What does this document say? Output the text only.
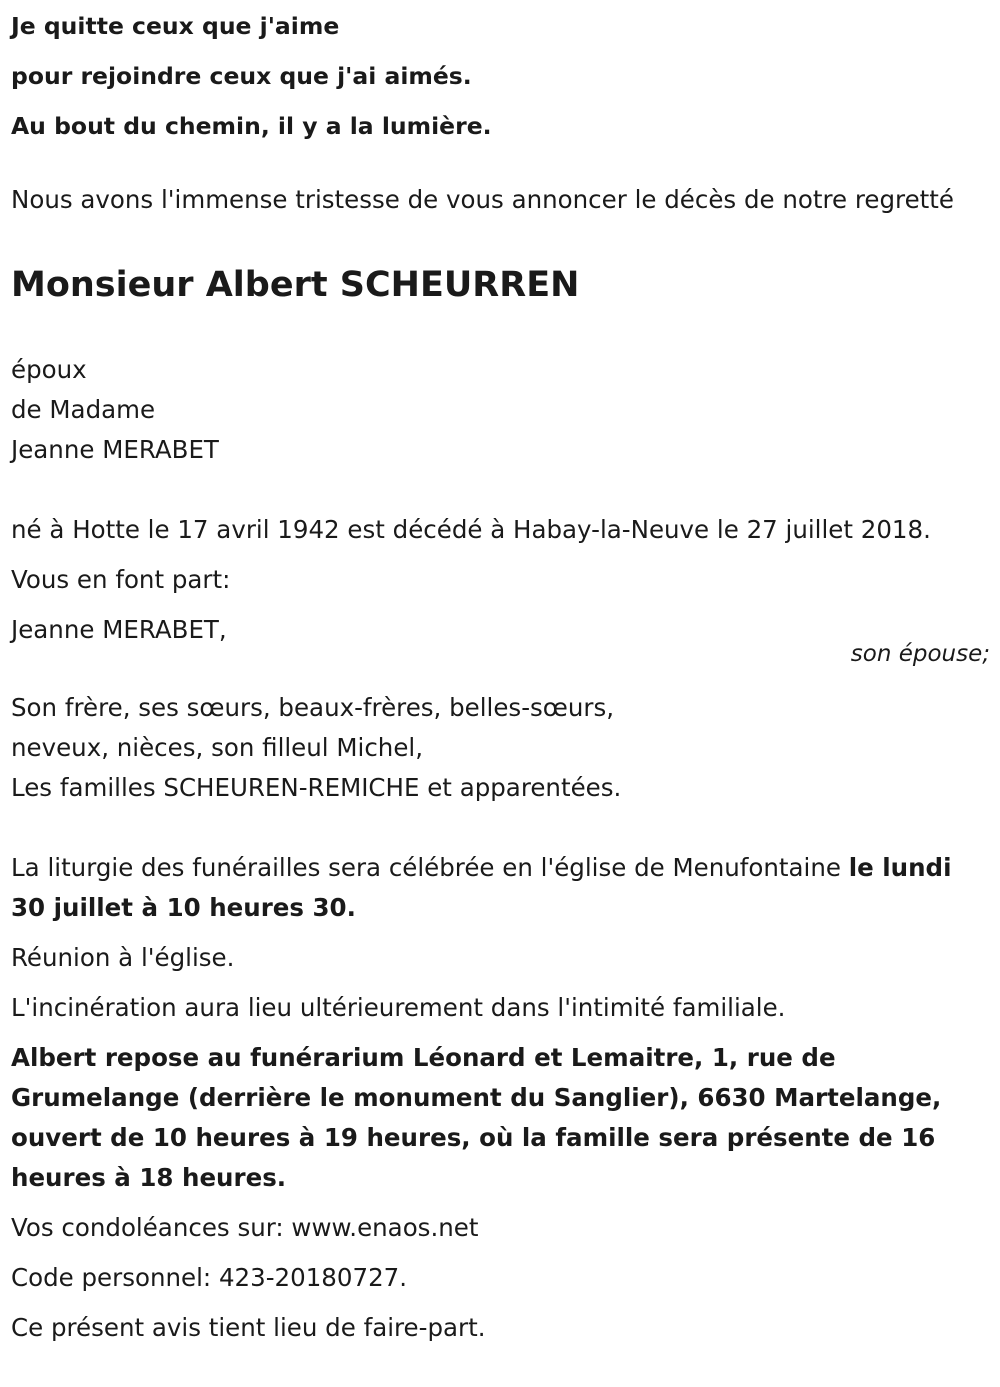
Je quitte ceux que j'aime

pour rejoindre ceux que j'ai aimés.

Au bout du chemin, il y a la lumière.

Nous avons l'immense tristesse de vous annoncer le décès de notre regretté

Monsieur Albert SCHEURREN

époux

de Madame

Jeanne MERABET

né à Hotte le 17 avril 1942 est décédé à Habay-la-Neuve le 27 juillet 2018.

Vous en font part:

Jeanne MERABET,

son épouse;

Son frère, ses sœurs, beaux-frères, belles-sœurs,

neveux, nièces, son filleul Michel,

Les familles SCHEUREN-REMICHE et apparentées.

La liturgie des funérailles sera célébrée en l'église de Menufontaine le lundi 30 juillet à 10 heures 30.

Réunion à l'église.

L'incinération aura lieu ultérieurement dans l'intimité familiale.

Albert repose au funérarium Léonard et Lemaitre, 1, rue de Grumelange (derrière le monument du Sanglier), 6630 Martelange, ouvert de 10 heures à 19 heures, où la famille sera présente de 16 heures à 18 heures.

Vos condoléances sur: www.enaos.net

Code personnel: 423-20180727.

Ce présent avis tient lieu de faire-part.
